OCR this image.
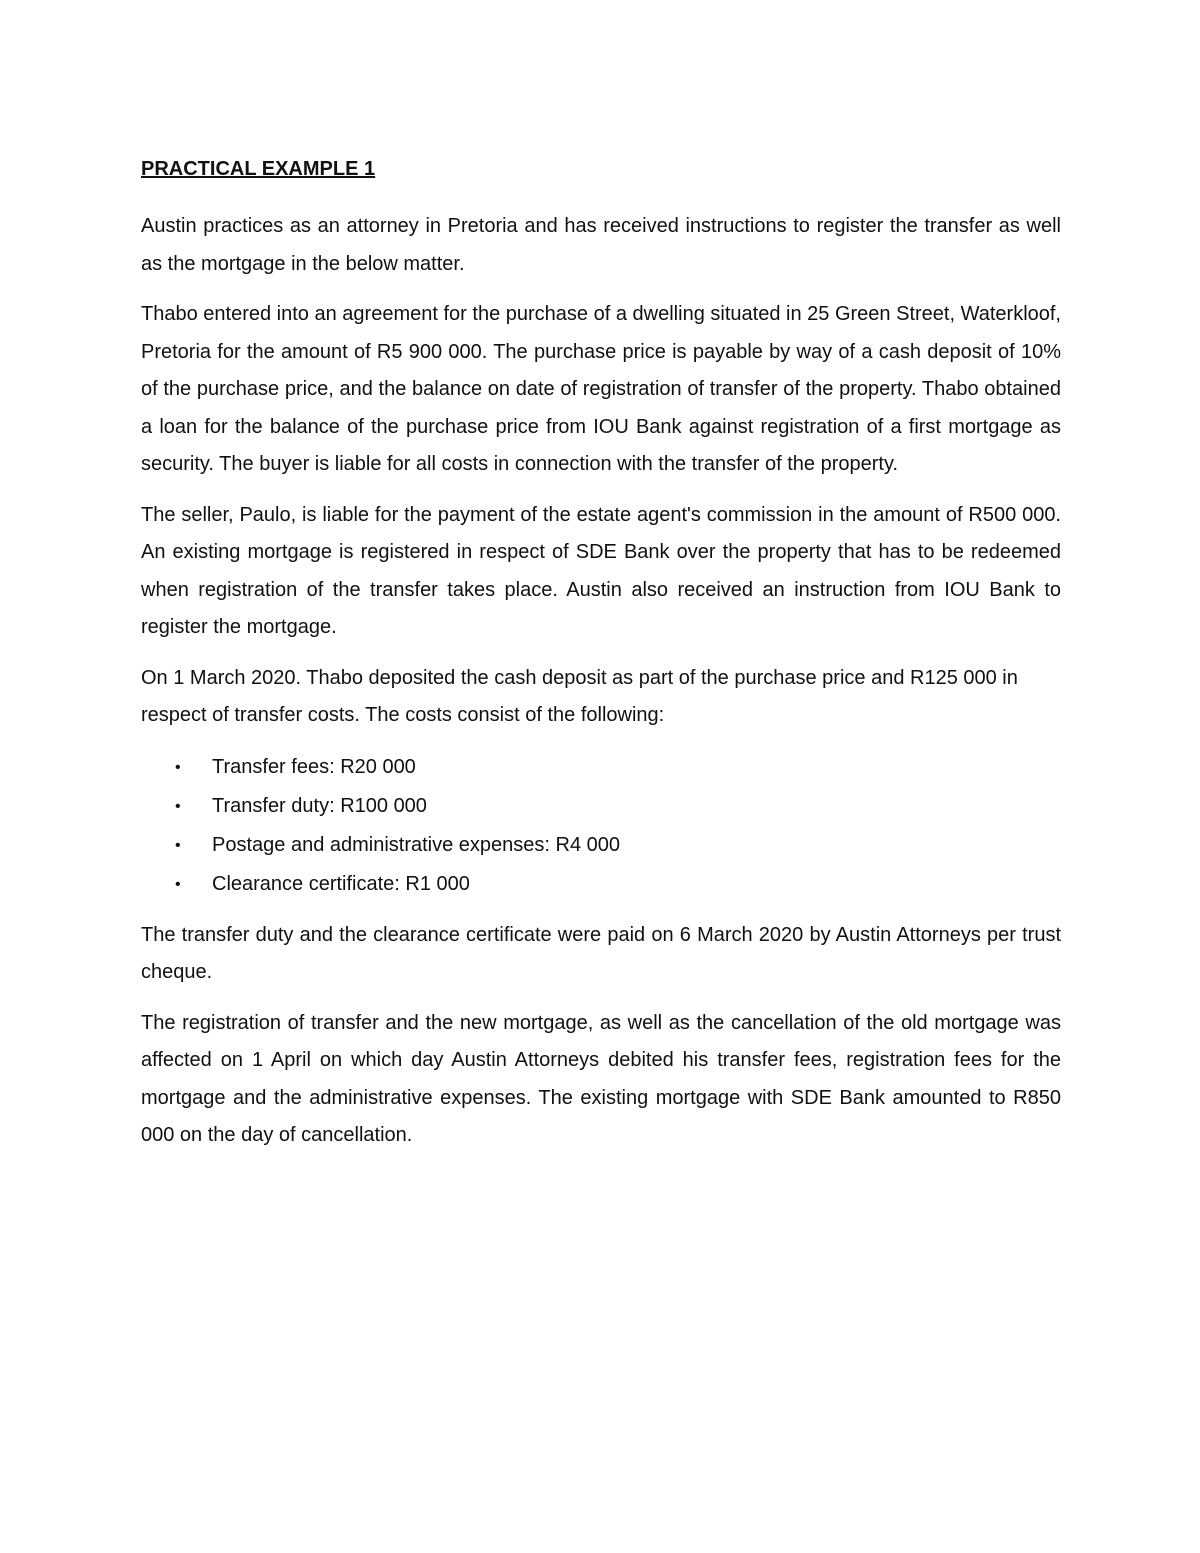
PRACTICAL EXAMPLE 1

Austin practices as an attorney in Pretoria and has received instructions to register the transfer as well as the mortgage in the below matter.

Thabo entered into an agreement for the purchase of a dwelling situated in 25 Green Street, Waterkloof, Pretoria for the amount of R5 900 000. The purchase price is payable by way of a cash deposit of 10% of the purchase price, and the balance on date of registration of transfer of the property. Thabo obtained a loan for the balance of the purchase price from IOU Bank against registration of a first mortgage as security. The buyer is liable for all costs in connection with the transfer of the property.

The seller, Paulo, is liable for the payment of the estate agent's commission in the amount of R500 000. An existing mortgage is registered in respect of SDE Bank over the property that has to be redeemed when registration of the transfer takes place. Austin also received an instruction from IOU Bank to register the mortgage.

On 1 March 2020. Thabo deposited the cash deposit as part of the purchase price and R125 000 in respect of transfer costs. The costs consist of the following:

• Transfer fees: R20 000
• Transfer duty: R100 000
• Postage and administrative expenses: R4 000
• Clearance certificate: R1 000

The transfer duty and the clearance certificate were paid on 6 March 2020 by Austin Attorneys per trust cheque.

The registration of transfer and the new mortgage, as well as the cancellation of the old mortgage was affected on 1 April on which day Austin Attorneys debited his transfer fees, registration fees for the mortgage and the administrative expenses. The existing mortgage with SDE Bank amounted to R850 000 on the day of cancellation.
